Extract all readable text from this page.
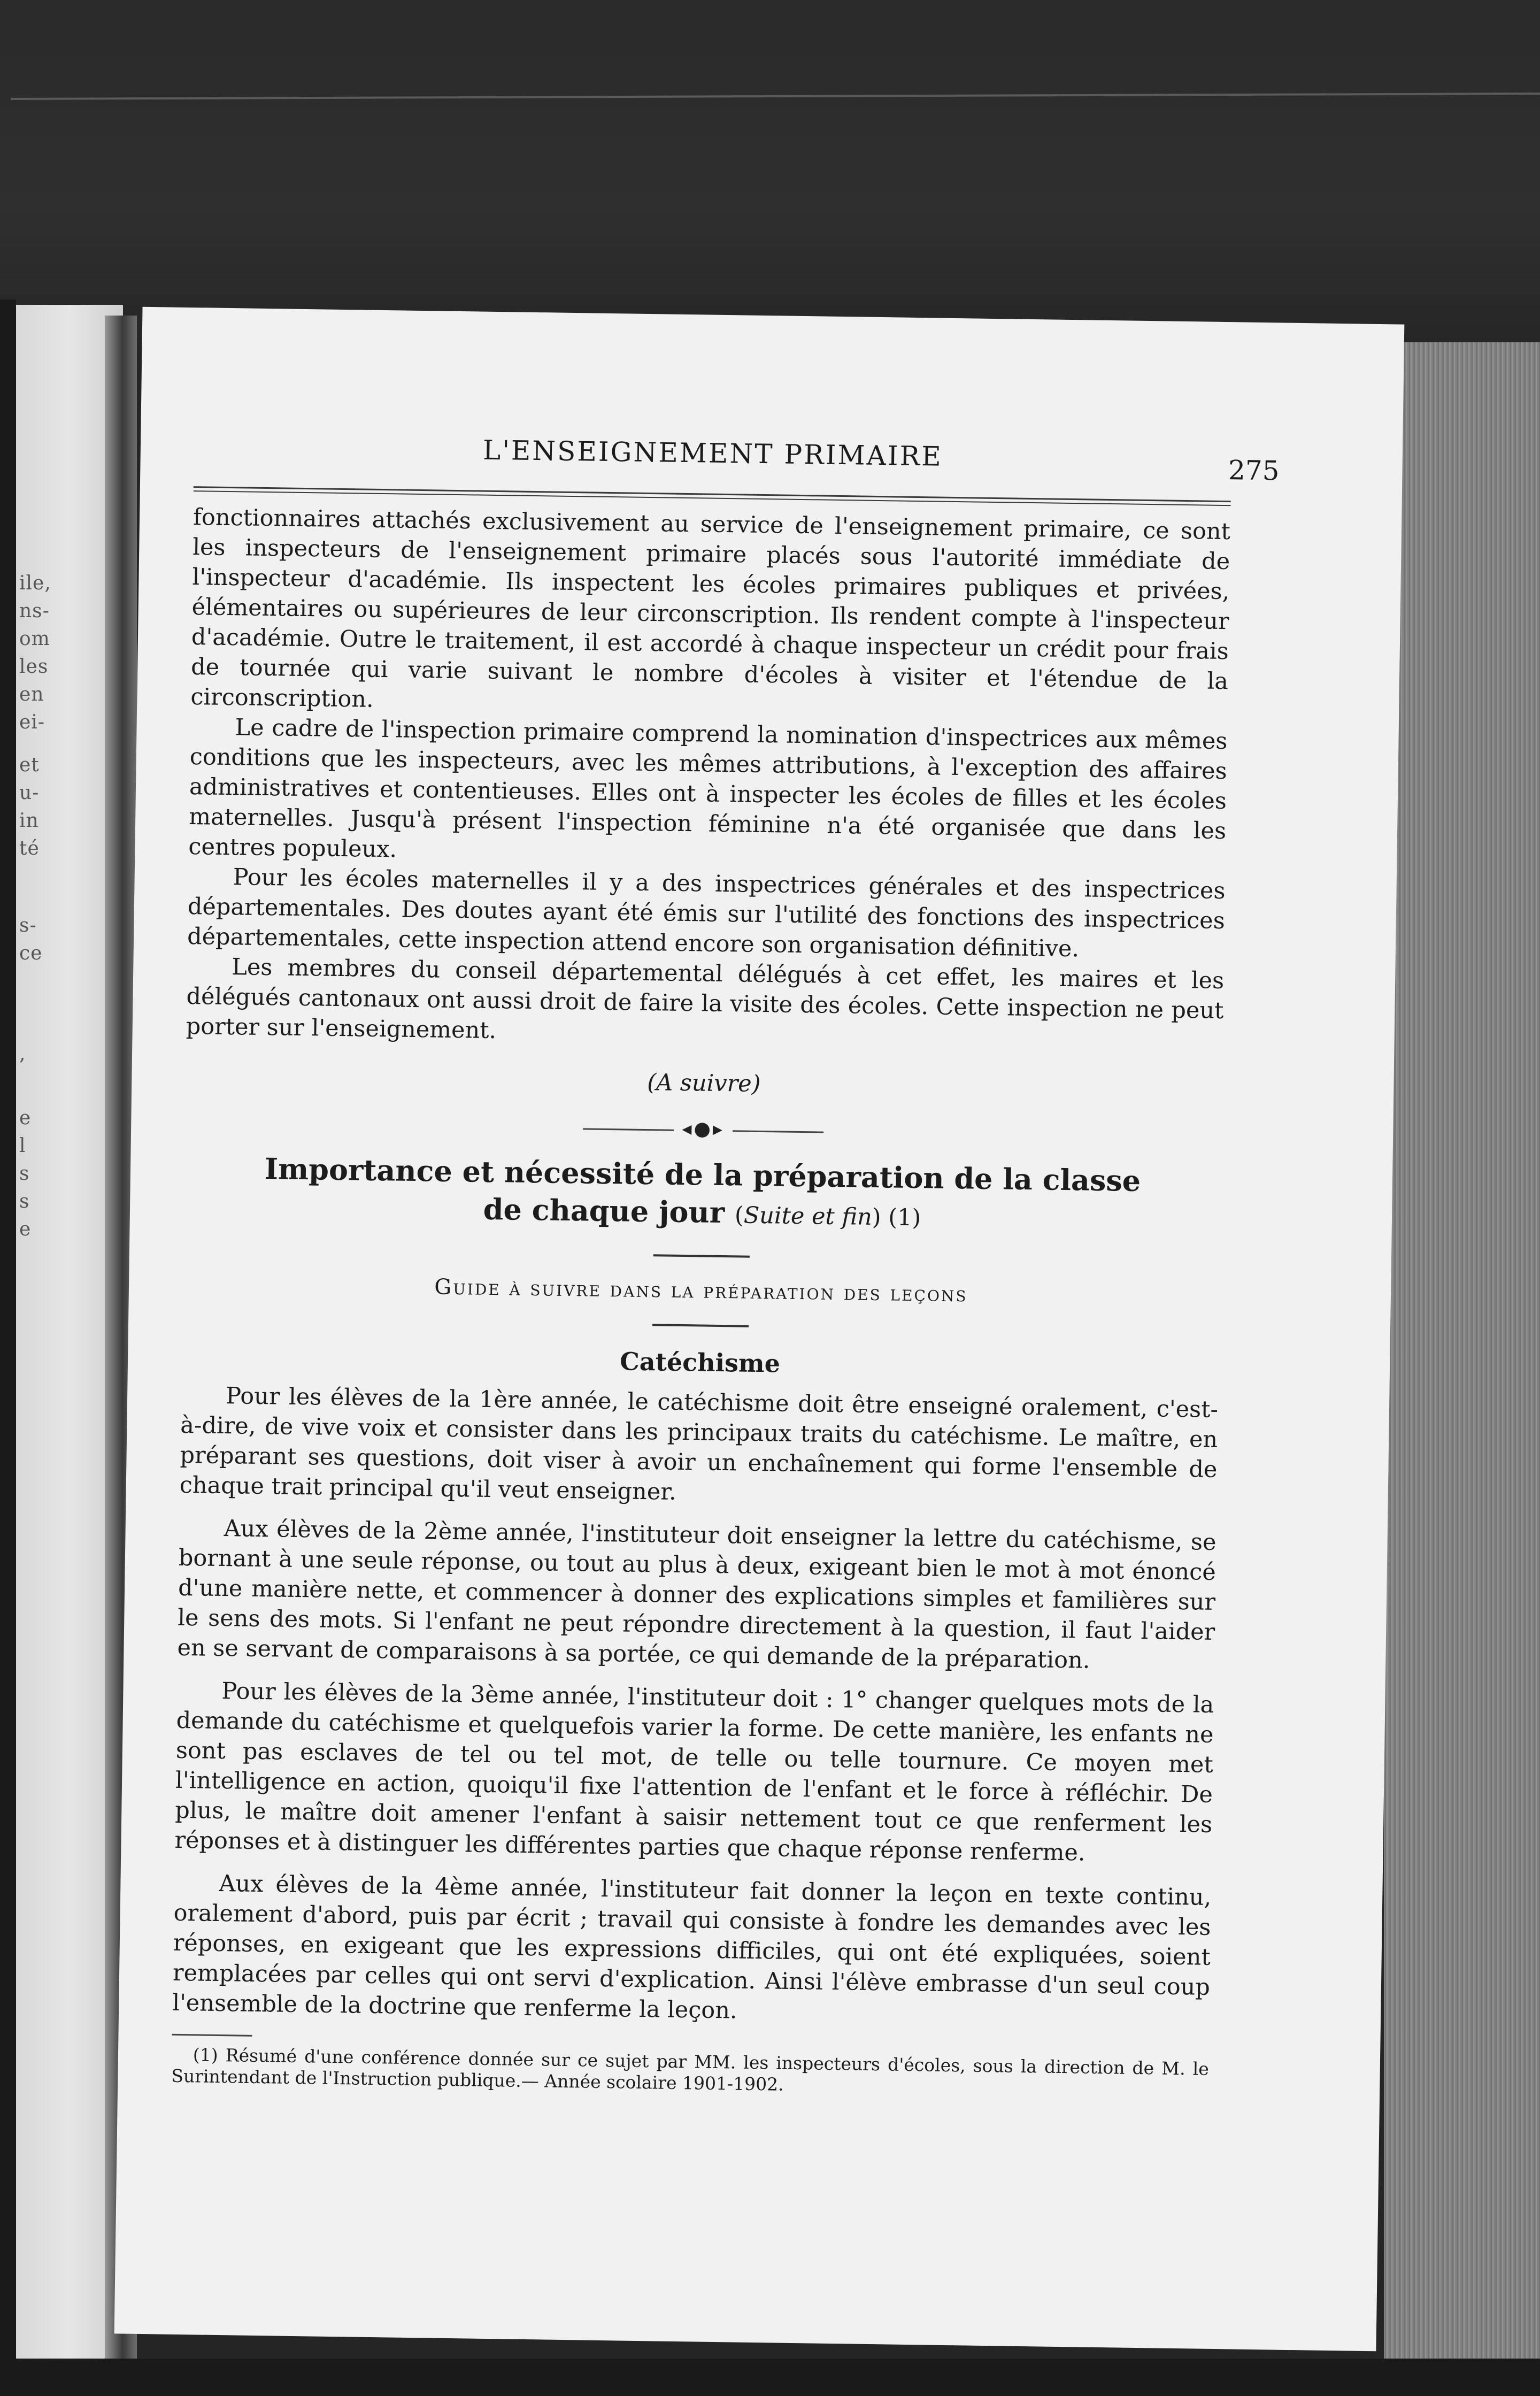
ile,
ns-
om
les
en
ei-
et
u-
in
té
s-
ce
,
e
l
s
s
e
L'ENSEIGNEMENT PRIMAIRE	275

fonctionnaires attachés exclusivement au service de l'enseignement primaire, ce sont les inspecteurs de l'enseignement primaire placés sous l'autorité immédiate de l'inspecteur d'académie. Ils inspectent les écoles primaires publiques et privées, élémentaires ou supérieures de leur circonscription. Ils rendent compte à l'inspecteur d'académie. Outre le traitement, il est accordé à chaque inspecteur un crédit pour frais de tournée qui varie suivant le nombre d'écoles à visiter et l'étendue de la circonscription.

Le cadre de l'inspection primaire comprend la nomination d'inspectrices aux mêmes conditions que les inspecteurs, avec les mêmes attributions, à l'exception des affaires administratives et contentieuses. Elles ont à inspecter les écoles de filles et les écoles maternelles. Jusqu'à présent l'inspection féminine n'a été organisée que dans les centres populeux.

Pour les écoles maternelles il y a des inspectrices générales et des inspectrices départementales. Des doutes ayant été émis sur l'utilité des fonctions des inspectrices départementales, cette inspection attend encore son organisation définitive.

Les membres du conseil départemental délégués à cet effet, les maires et les délégués cantonaux ont aussi droit de faire la visite des écoles. Cette inspection ne peut porter sur l'enseignement.

(A suivre)
◂●▸
Importance et nécessité de la préparation de la classe
de chaque jour (Suite et fin) (1)
Guide à suivre dans la préparation des leçons
Catéchisme

Pour les élèves de la 1ère année, le catéchisme doit être enseigné oralement, c'est-à-dire, de vive voix et consister dans les principaux traits du catéchisme. Le maître, en préparant ses questions, doit viser à avoir un enchaînement qui forme l'ensemble de chaque trait principal qu'il veut enseigner.

Aux élèves de la 2ème année, l'instituteur doit enseigner la lettre du catéchisme, se bornant à une seule réponse, ou tout au plus à deux, exigeant bien le mot à mot énoncé d'une manière nette, et commencer à donner des explications simples et familières sur le sens des mots. Si l'enfant ne peut répondre directement à la question, il faut l'aider en se servant de comparaisons à sa portée, ce qui demande de la préparation.

Pour les élèves de la 3ème année, l'instituteur doit : 1° changer quelques mots de la demande du catéchisme et quelquefois varier la forme. De cette manière, les enfants ne sont pas esclaves de tel ou tel mot, de telle ou telle tournure. Ce moyen met l'intelligence en action, quoiqu'il fixe l'attention de l'enfant et le force à réfléchir. De plus, le maître doit amener l'enfant à saisir nettement tout ce que renferment les réponses et à distinguer les différentes parties que chaque réponse renferme.

Aux élèves de la 4ème année, l'instituteur fait donner la leçon en texte continu, oralement d'abord, puis par écrit ; travail qui consiste à fondre les demandes avec les réponses, en exigeant que les expressions difficiles, qui ont été expliquées, soient remplacées par celles qui ont servi d'explication. Ainsi l'élève embrasse d'un seul coup l'ensemble de la doctrine que renferme la leçon.

(1) Résumé d'une conférence donnée sur ce sujet par MM. les inspecteurs d'écoles, sous la direction de M. le Surintendant de l'Instruction publique.— Année scolaire 1901-1902.
